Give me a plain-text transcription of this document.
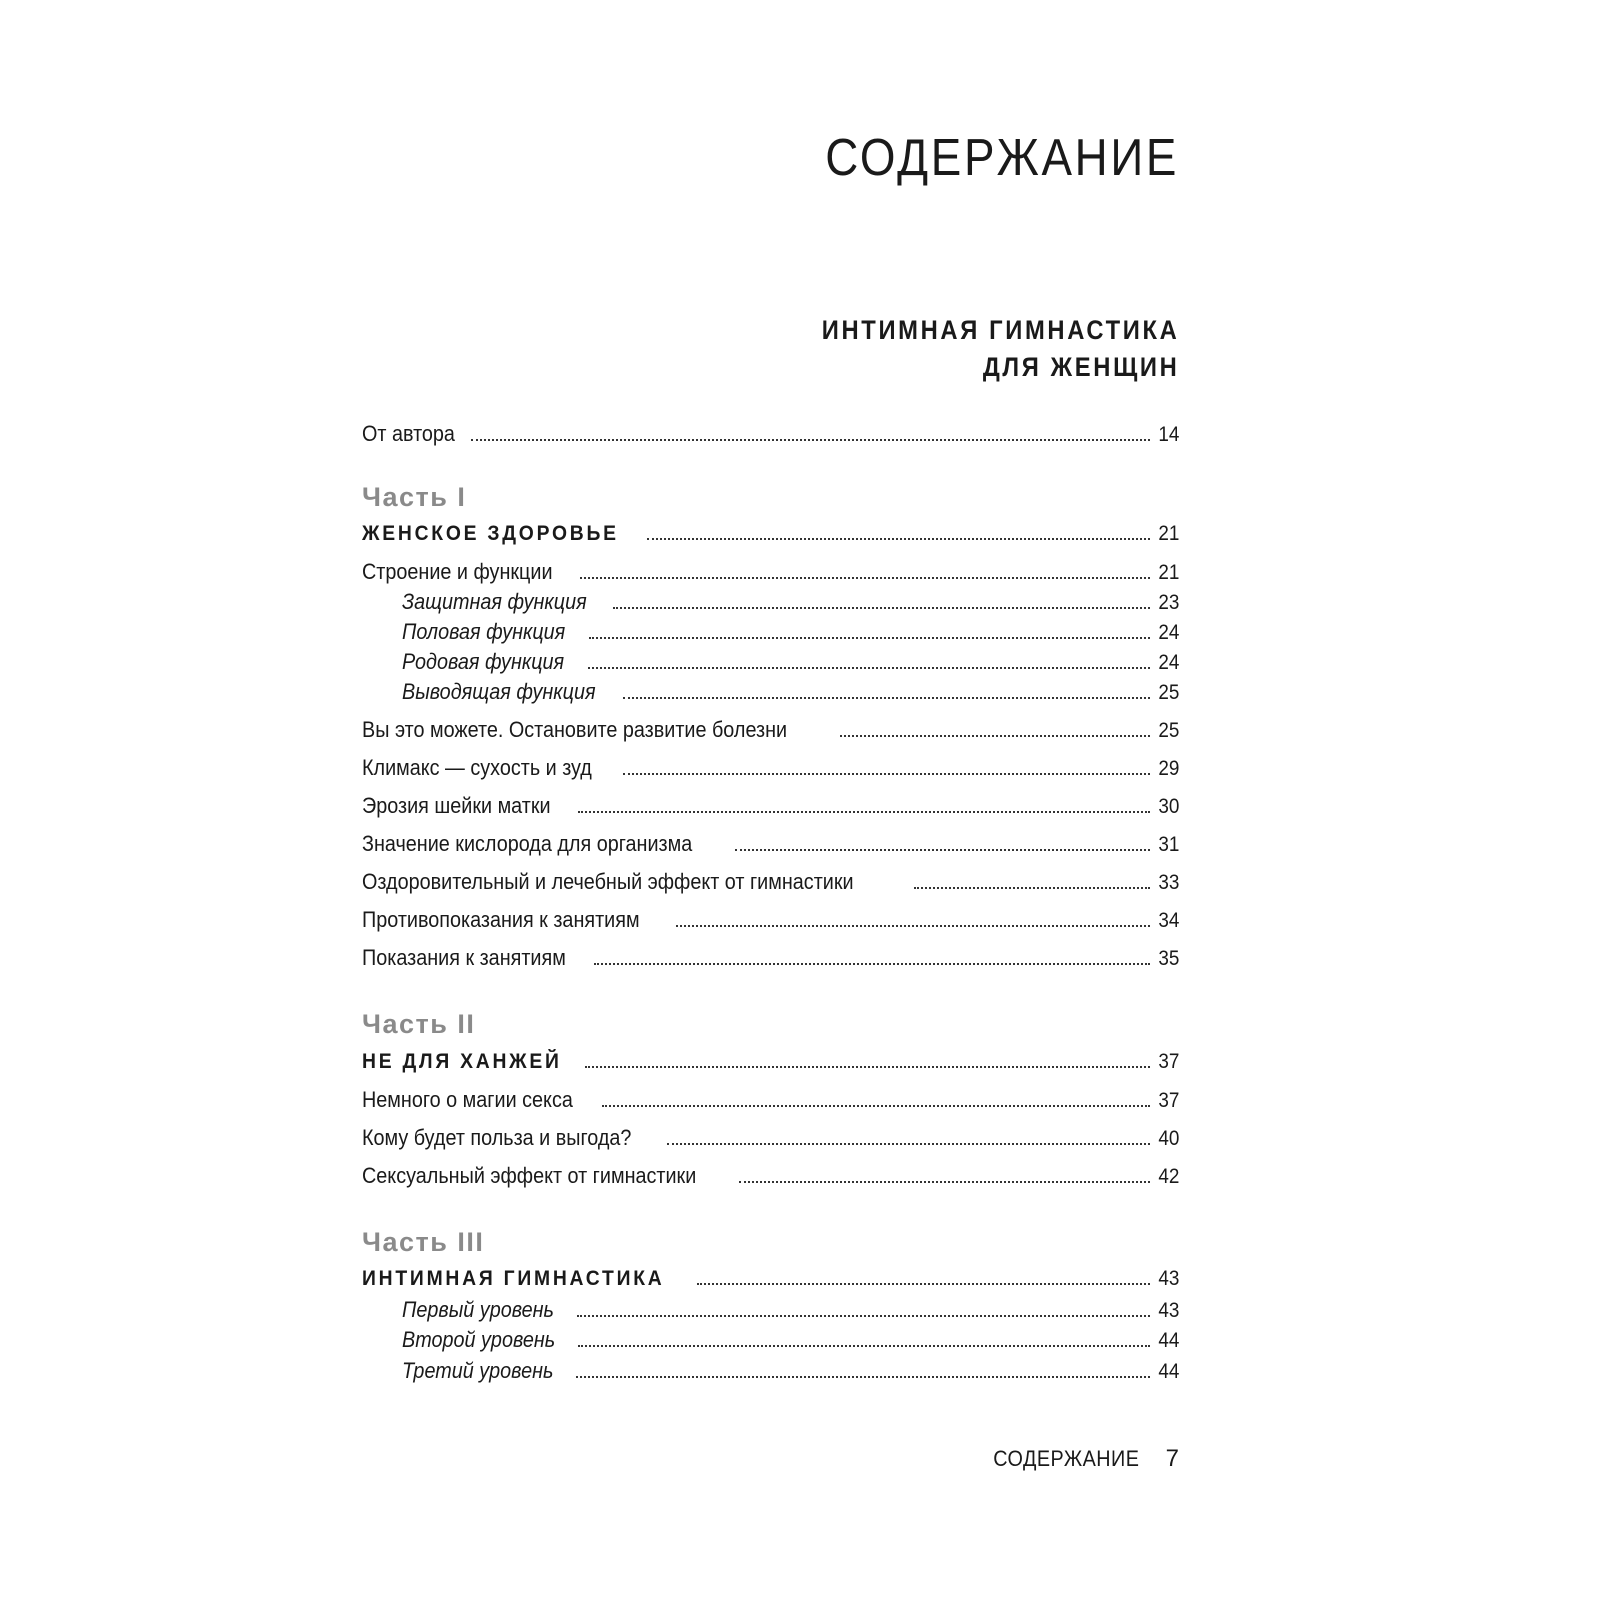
СОДЕРЖАНИЕ
ИНТИМНАЯ ГИМНАСТИКА
ДЛЯ ЖЕНЩИН
От автора	14
Часть I
ЖЕНСКОЕ ЗДОРОВЬЕ	21
Строение и функции	21
Защитная функция	23
Половая функция	24
Родовая функция	24
Выводящая функция	25
Вы это можете. Остановите развитие болезни	25
Климакс — сухость и зуд	29
Эрозия шейки матки	30
Значение кислорода для организма	31
Оздоровительный и лечебный эффект от гимнастики	33
Противопоказания к занятиям	34
Показания к занятиям	35
Часть II
НЕ ДЛЯ ХАНЖЕЙ	37
Немного о магии секса	37
Кому будет польза и выгода?	40
Сексуальный эффект от гимнастики	42
Часть III
ИНТИМНАЯ ГИМНАСТИКА	43
Первый уровень	43
Второй уровень	44
Третий уровень	44
СОДЕРЖАНИЕ 7
